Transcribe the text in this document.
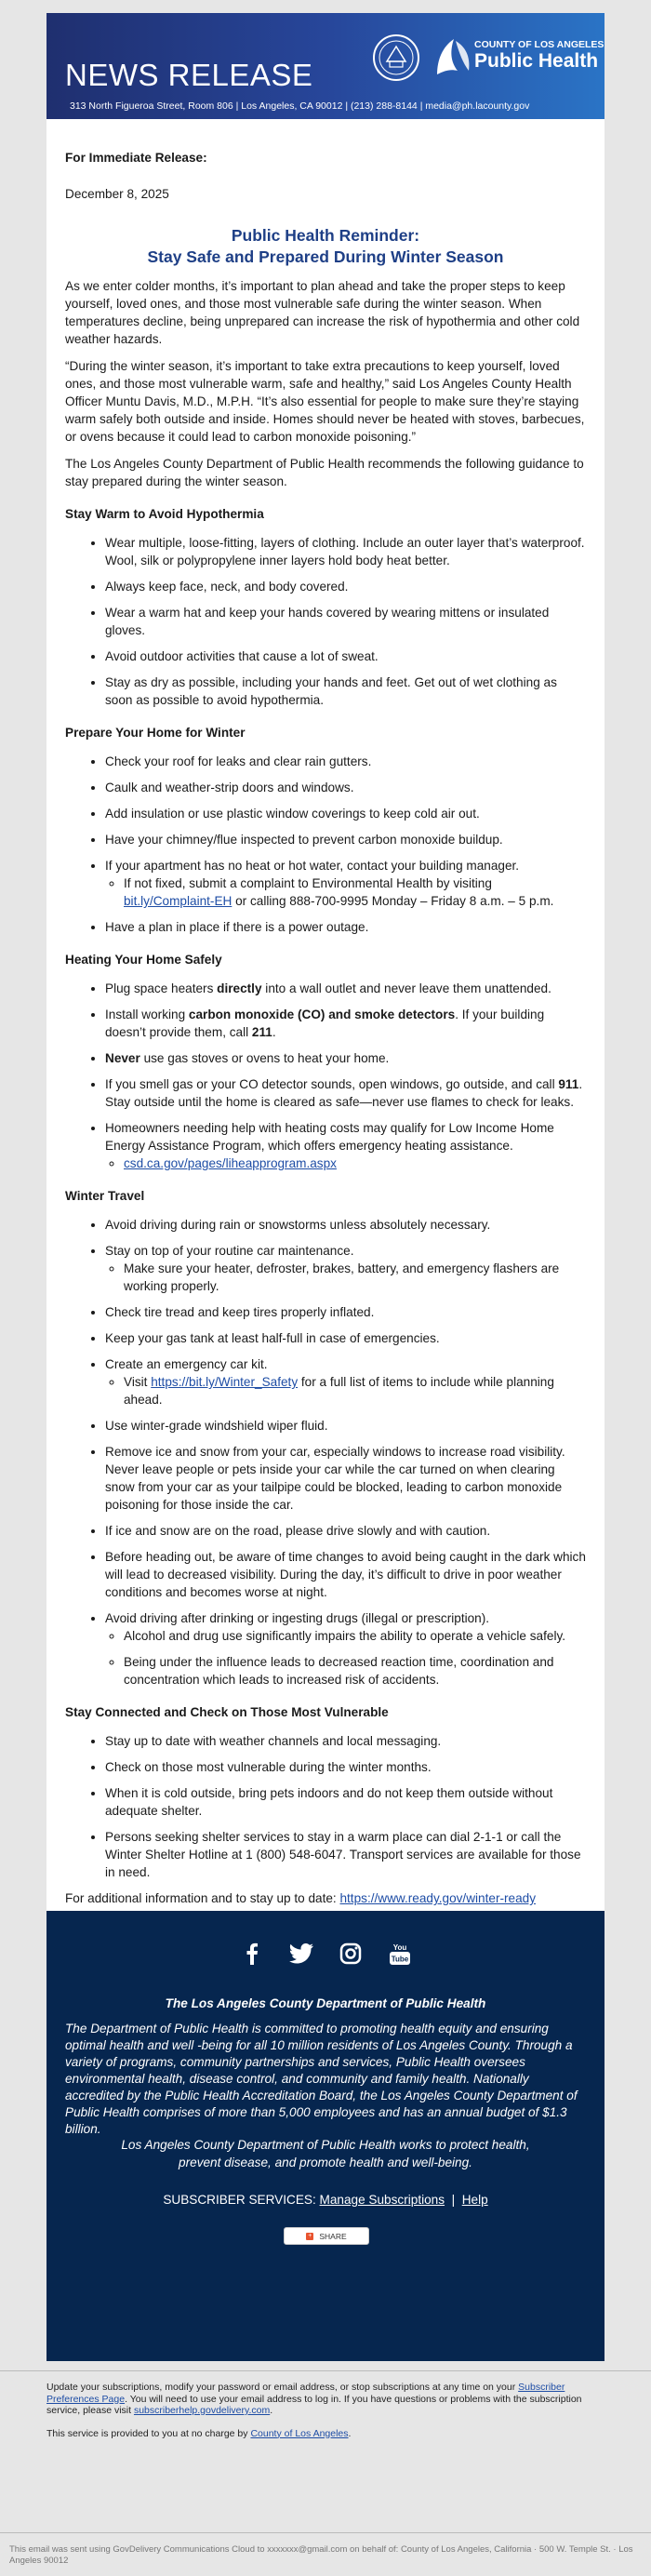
NEWS RELEASE
COUNTY OF LOS ANGELES
Public Health
313 North Figueroa Street, Room 806 | Los Angeles, CA 90012 | (213) 288-8144 | media@ph.lacounty.gov

For Immediate Release:

December 8, 2025

Public Health Reminder:
Stay Safe and Prepared During Winter Season

As we enter colder months, it’s important to plan ahead and take the proper steps to keep yourself, loved ones, and those most vulnerable safe during the winter season. When temperatures decline, being unprepared can increase the risk of hypothermia and other cold weather hazards.

“During the winter season, it’s important to take extra precautions to keep yourself, loved ones, and those most vulnerable warm, safe and healthy,” said Los Angeles County Health Officer Muntu Davis, M.D., M.P.H. “It’s also essential for people to make sure they’re staying warm safely both outside and inside. Homes should never be heated with stoves, barbecues, or ovens because it could lead to carbon monoxide poisoning.”

The Los Angeles County Department of Public Health recommends the following guidance to stay prepared during the winter season.

Stay Warm to Avoid Hypothermia
• Wear multiple, loose-fitting, layers of clothing. Include an outer layer that’s waterproof. Wool, silk or polypropylene inner layers hold body heat better.
• Always keep face, neck, and body covered.
• Wear a warm hat and keep your hands covered by wearing mittens or insulated gloves.
• Avoid outdoor activities that cause a lot of sweat.
• Stay as dry as possible, including your hands and feet. Get out of wet clothing as soon as possible to avoid hypothermia.
Prepare Your Home for Winter
• Check your roof for leaks and clear rain gutters.
• Caulk and weather-strip doors and windows.
• Add insulation or use plastic window coverings to keep cold air out.
• Have your chimney/flue inspected to prevent carbon monoxide buildup.
• If your apartment has no heat or hot water, contact your building manager.
◦ If not fixed, submit a complaint to Environmental Health by visiting bit.ly/Complaint-EH or calling 888-700-9995 Monday – Friday 8 a.m. – 5 p.m.
• Have a plan in place if there is a power outage.
Heating Your Home Safely
• Plug space heaters directly into a wall outlet and never leave them unattended.
• Install working carbon monoxide (CO) and smoke detectors. If your building doesn’t provide them, call 211.
• Never use gas stoves or ovens to heat your home.
• If you smell gas or your CO detector sounds, open windows, go outside, and call 911. Stay outside until the home is cleared as safe—never use flames to check for leaks.
• Homeowners needing help with heating costs may qualify for Low Income Home Energy Assistance Program, which offers emergency heating assistance.
◦ csd.ca.gov/pages/liheapprogram.aspx
Winter Travel
• Avoid driving during rain or snowstorms unless absolutely necessary.
• Stay on top of your routine car maintenance.
◦ Make sure your heater, defroster, brakes, battery, and emergency flashers are working properly.
• Check tire tread and keep tires properly inflated.
• Keep your gas tank at least half-full in case of emergencies.
• Create an emergency car kit.
◦ Visit https://bit.ly/Winter_Safety for a full list of items to include while planning ahead.
• Use winter-grade windshield wiper fluid.
• Remove ice and snow from your car, especially windows to increase road visibility. Never leave people or pets inside your car while the car turned on when clearing snow from your car as your tailpipe could be blocked, leading to carbon monoxide poisoning for those inside the car.
• If ice and snow are on the road, please drive slowly and with caution.
• Before heading out, be aware of time changes to avoid being caught in the dark which will lead to decreased visibility. During the day, it’s difficult to drive in poor weather conditions and becomes worse at night.
• Avoid driving after drinking or ingesting drugs (illegal or prescription).
◦ Alcohol and drug use significantly impairs the ability to operate a vehicle safely.
◦ Being under the influence leads to decreased reaction time, coordination and concentration which leads to increased risk of accidents.
Stay Connected and Check on Those Most Vulnerable
• Stay up to date with weather channels and local messaging.
• Check on those most vulnerable during the winter months.
• When it is cold outside, bring pets indoors and do not keep them outside without adequate shelter.
• Persons seeking shelter services to stay in a warm place can dial 2-1-1 or call the Winter Shelter Hotline at 1 (800) 548-6047. Transport services are available for those in need.

For additional information and to stay up to date: https://www.ready.gov/winter-ready

You
Tube
The Los Angeles County Department of Public Health
The Department of Public Health is committed to promoting health equity and ensuring optimal health and well -being for all 10 million residents of Los Angeles County. Through a variety of programs, community partnerships and services, Public Health oversees environmental health, disease control, and community and family health. Nationally accredited by the Public Health Accreditation Board, the Los Angeles County Department of Public Health comprises of more than 5,000 employees and has an annual budget of $1.3 billion.
Los Angeles County Department of Public Health works to protect health,
prevent disease, and promote health and well-being.
SUBSCRIBER SERVICES: Manage Subscriptions | Help
+ SHARE

Update your subscriptions, modify your password or email address, or stop subscriptions at any time on your Subscriber Preferences Page. You will need to use your email address to log in. If you have questions or problems with the subscription service, please visit subscriberhelp.govdelivery.com.

This service is provided to you at no charge by County of Los Angeles.

This email was sent using GovDelivery Communications Cloud to xxxxxxx@gmail.com on behalf of: County of Los Angeles, California · 500 W. Temple St. · Los Angeles 90012
